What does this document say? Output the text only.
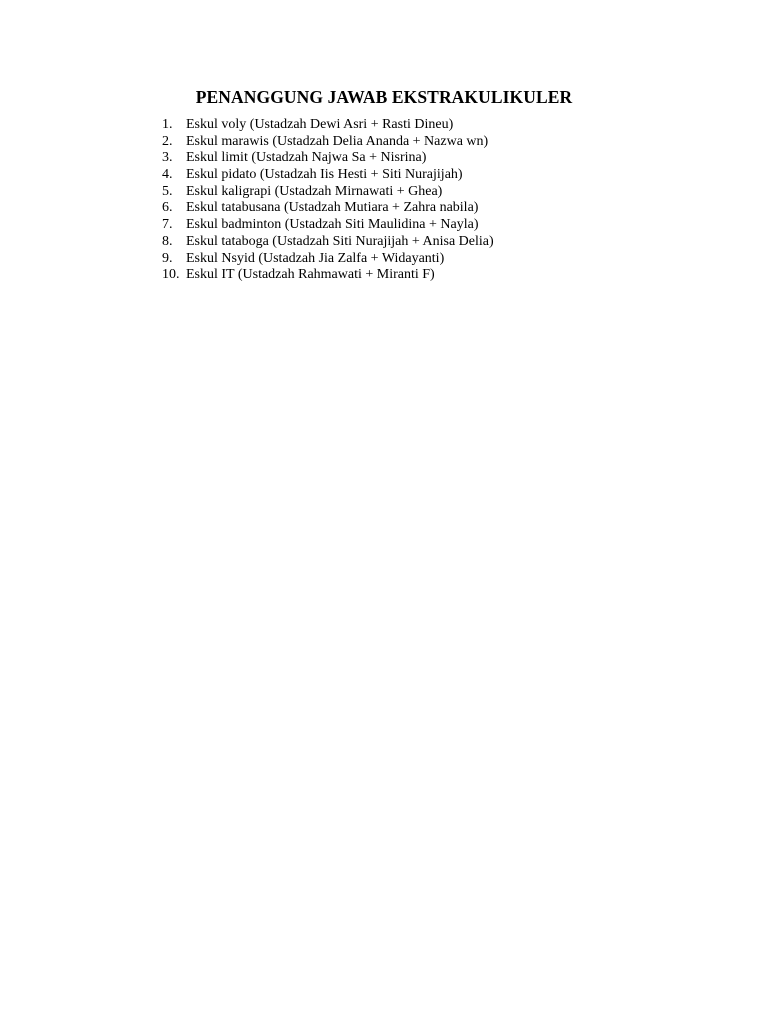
PENANGGUNG JAWAB EKSTRAKULIKULER
1. Eskul voly (Ustadzah Dewi Asri + Rasti Dineu)
2. Eskul marawis (Ustadzah Delia Ananda + Nazwa wn)
3. Eskul limit (Ustadzah Najwa Sa + Nisrina)
4. Eskul pidato (Ustadzah Iis Hesti + Siti Nurajijah)
5. Eskul kaligrapi (Ustadzah Mirnawati + Ghea)
6. Eskul tatabusana (Ustadzah Mutiara + Zahra nabila)
7. Eskul badminton (Ustadzah Siti Maulidina + Nayla)
8. Eskul tataboga (Ustadzah Siti Nurajijah + Anisa Delia)
9. Eskul Nsyid (Ustadzah Jia Zalfa + Widayanti)
10. Eskul IT (Ustadzah Rahmawati + Miranti F)
